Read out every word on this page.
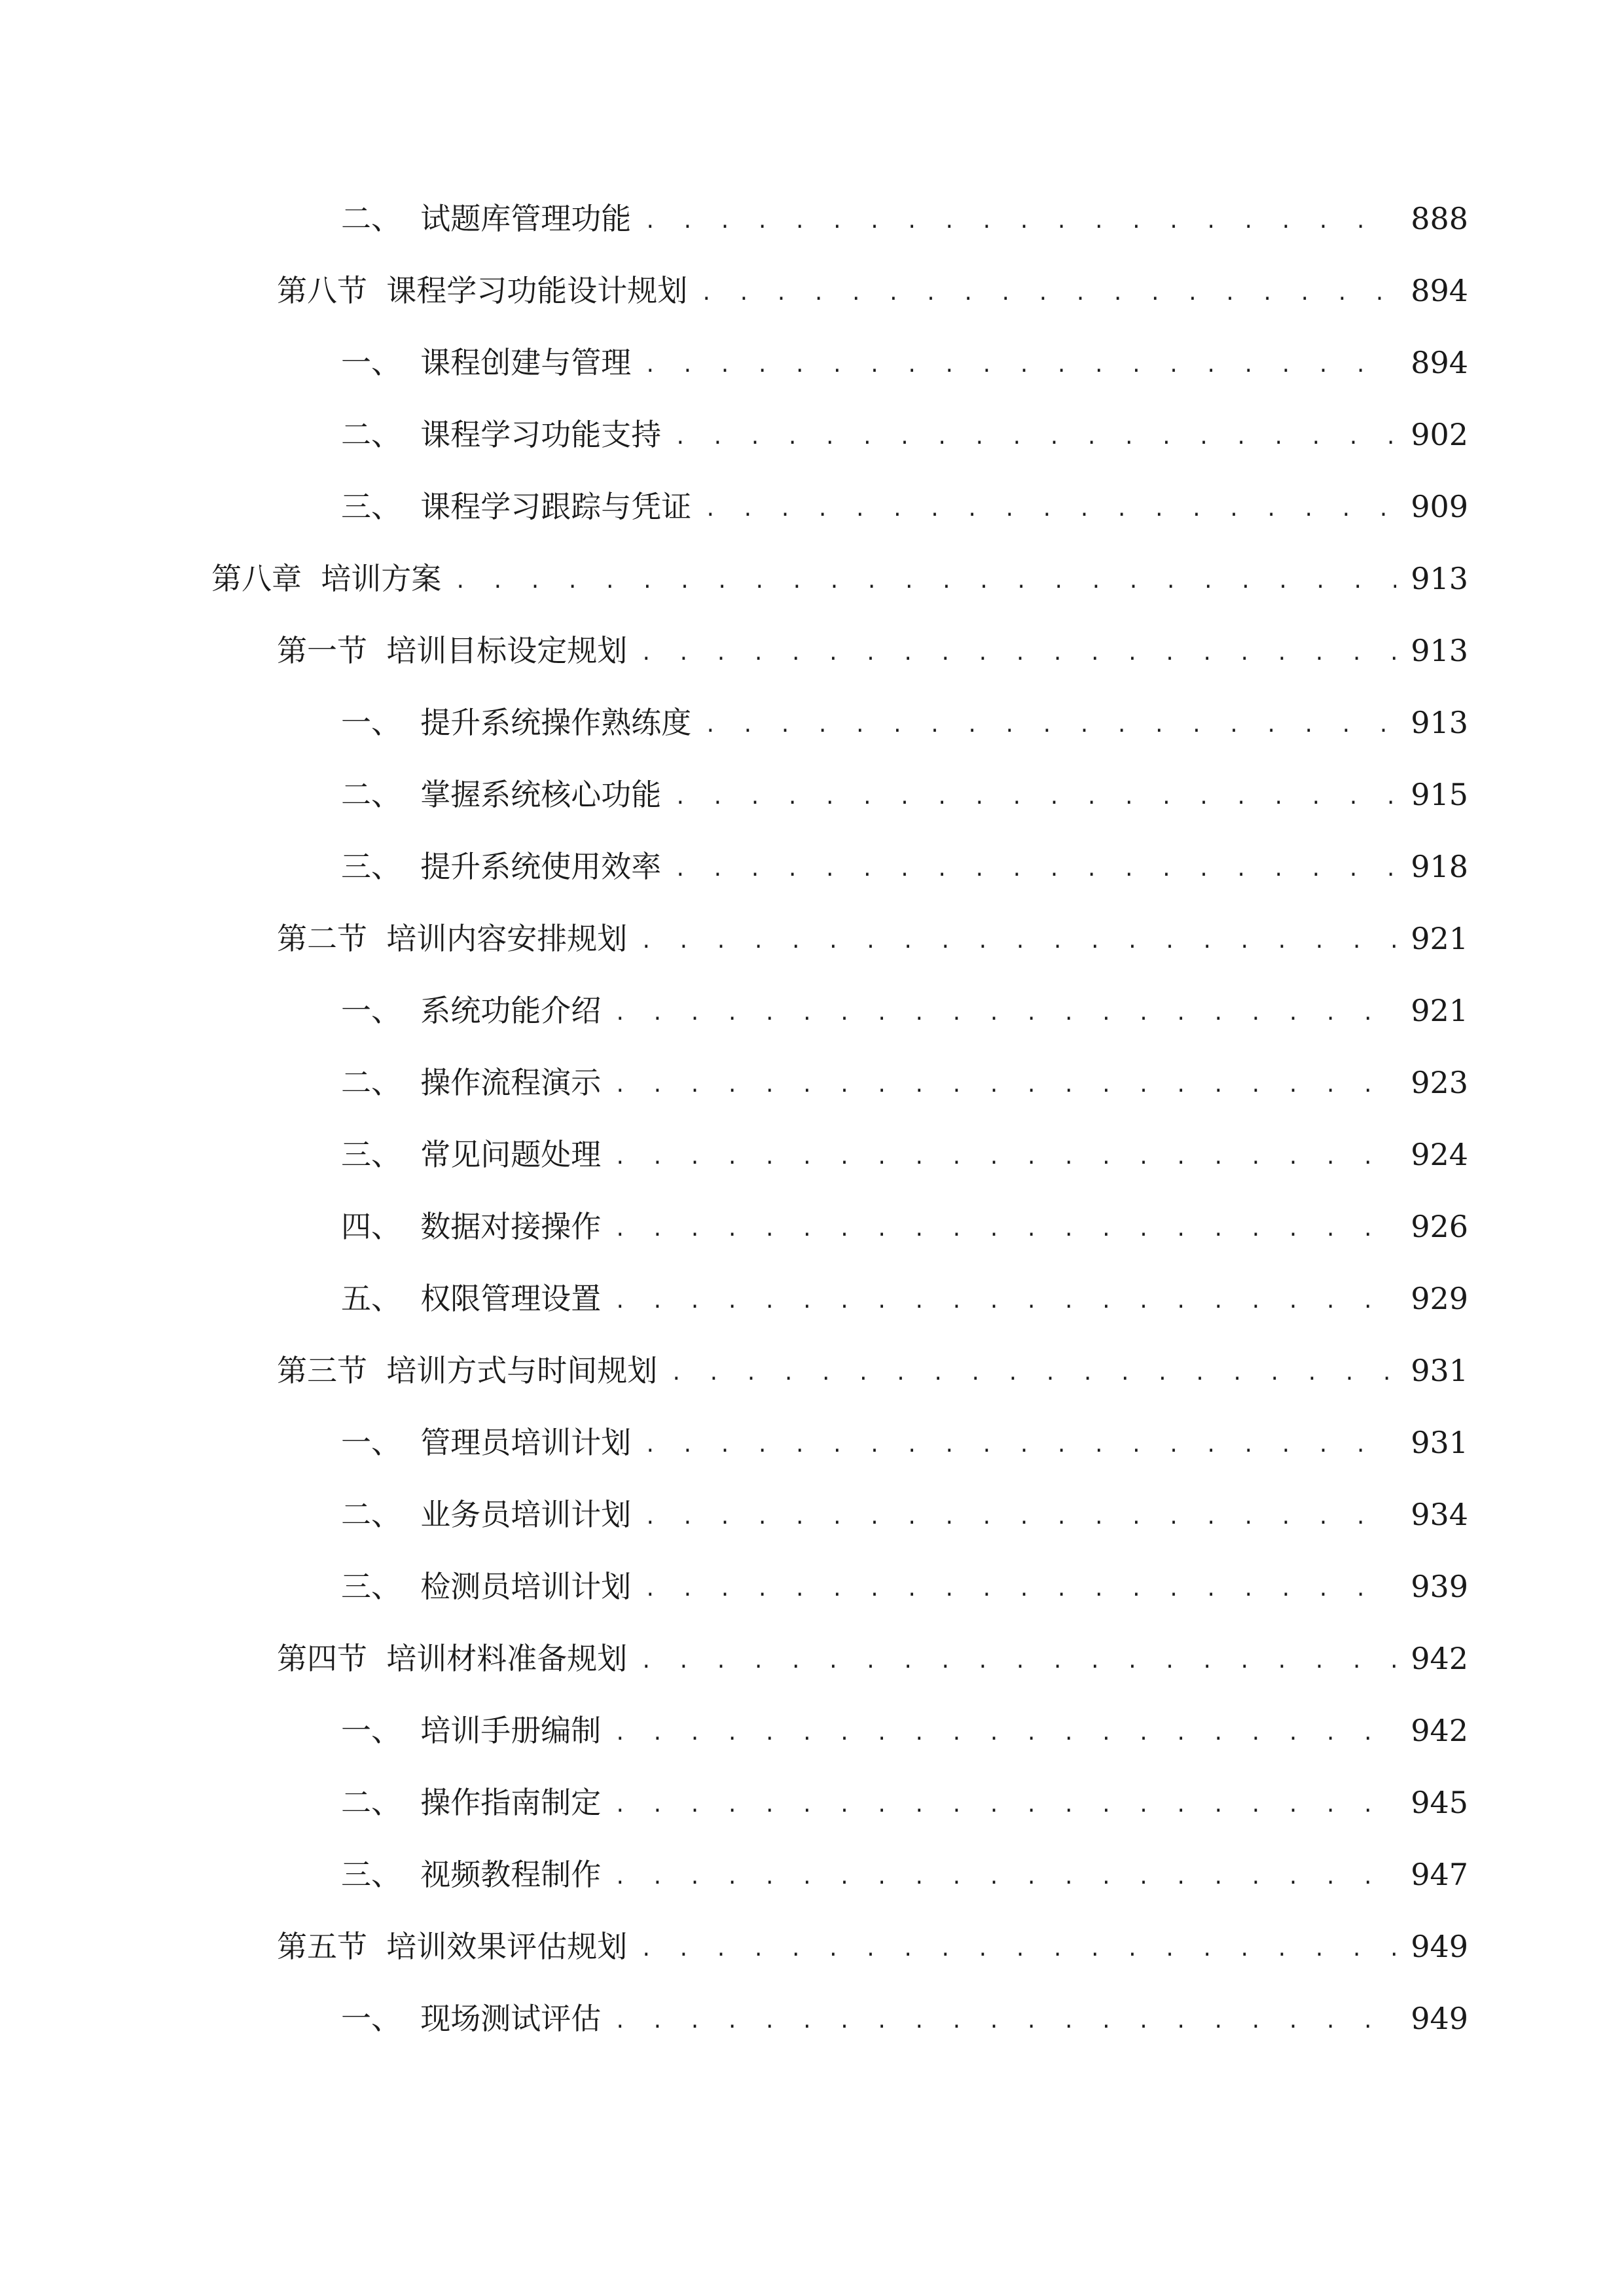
二、  试题库管理功能 . . .	888
第八节  课程学习功能设计规划 . . .	894
一、  课程创建与管理 . . .	894
二、  课程学习功能支持 . . .	902
三、  课程学习跟踪与凭证 . . .	909
第八章  培训方案 . . .	913
第一节  培训目标设定规划 . . .	913
一、  提升系统操作熟练度 . . .	913
二、  掌握系统核心功能 . . .	915
三、  提升系统使用效率 . . .	918
第二节  培训内容安排规划 . . .	921
一、  系统功能介绍 . . .	921
二、  操作流程演示 . . .	923
三、  常见问题处理 . . .	924
四、  数据对接操作 . . .	926
五、  权限管理设置 . . .	929
第三节  培训方式与时间规划 . . .	931
一、  管理员培训计划 . . .	931
二、  业务员培训计划 . . .	934
三、  检测员培训计划 . . .	939
第四节  培训材料准备规划 . . .	942
一、  培训手册编制 . . .	942
二、  操作指南制定 . . .	945
三、  视频教程制作 . . .	947
第五节  培训效果评估规划 . . .	949
一、  现场测试评估 . . .	949
